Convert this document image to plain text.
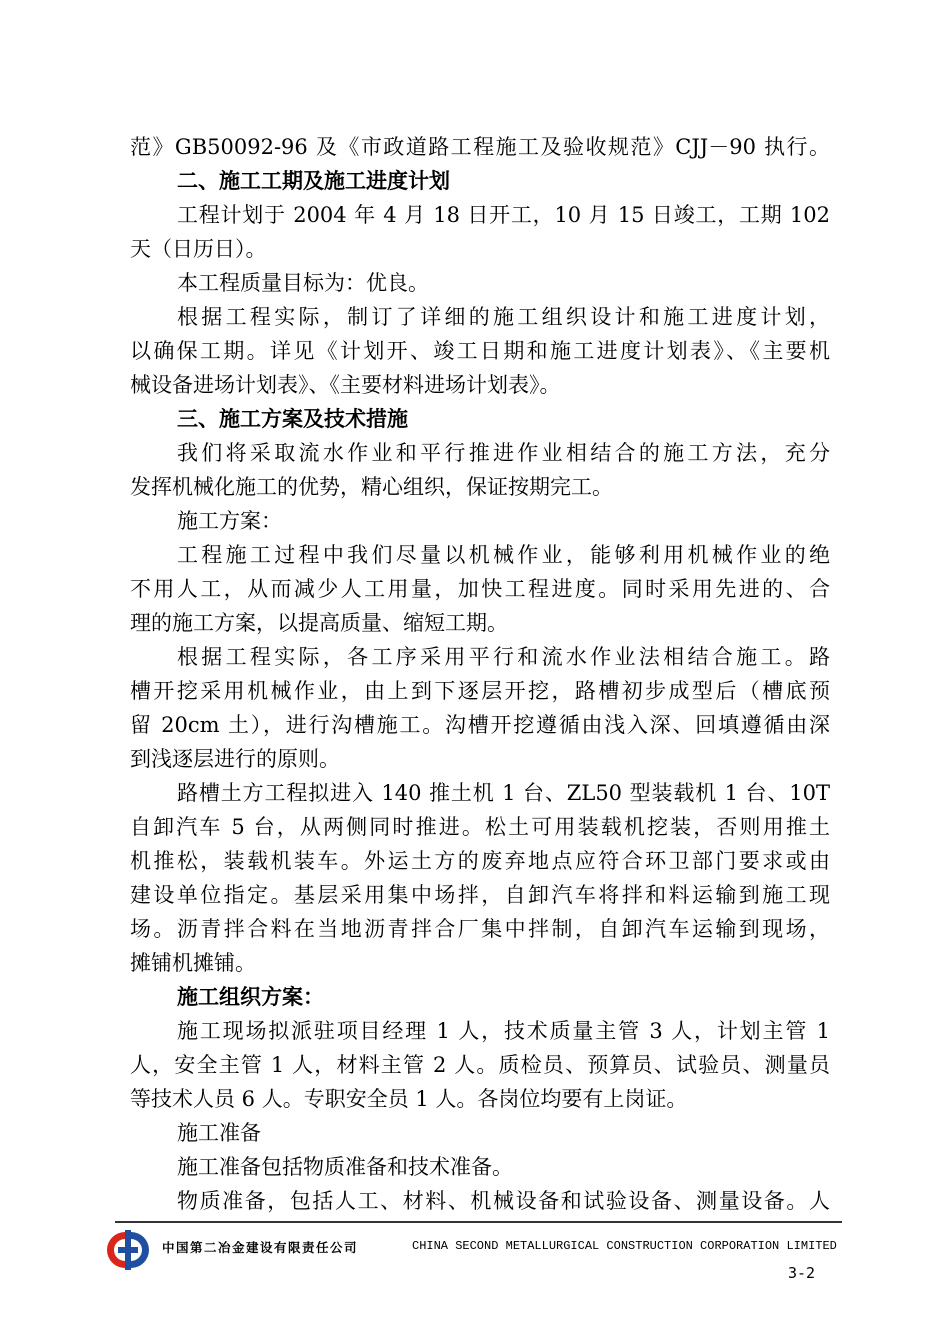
范》GB50092-96 及《市政道路工程施工及验收规范》CJJ－90 执行。
二、施工工期及施工进度计划
工程计划于 2004 年 4 月 18 日开工，10 月 15 日竣工，工期 102
天（日历日）。
本工程质量目标为：优良。
根据工程实际，制订了详细的施工组织设计和施工进度计划，
以确保工期。详见《计划开、竣工日期和施工进度计划表》、《主要机
械设备进场计划表》、《主要材料进场计划表》。
三、施工方案及技术措施
我们将采取流水作业和平行推进作业相结合的施工方法，充分
发挥机械化施工的优势，精心组织，保证按期完工。
施工方案：
工程施工过程中我们尽量以机械作业，能够利用机械作业的绝
不用人工，从而减少人工用量，加快工程进度。同时采用先进的、合
理的施工方案，以提高质量、缩短工期。
根据工程实际，各工序采用平行和流水作业法相结合施工。路
槽开挖采用机械作业，由上到下逐层开挖，路槽初步成型后（槽底预
留 20cm 土），进行沟槽施工。沟槽开挖遵循由浅入深、回填遵循由深
到浅逐层进行的原则。
路槽土方工程拟进入 140 推土机 1 台、ZL50 型装载机 1 台、10T
自卸汽车 5 台，从两侧同时推进。松土可用装载机挖装，否则用推土
机推松，装载机装车。外运土方的废弃地点应符合环卫部门要求或由
建设单位指定。基层采用集中场拌，自卸汽车将拌和料运输到施工现
场。沥青拌合料在当地沥青拌合厂集中拌制，自卸汽车运输到现场，
摊铺机摊铺。
施工组织方案：
施工现场拟派驻项目经理 1 人，技术质量主管 3 人，计划主管 1
人，安全主管 1 人，材料主管 2 人。质检员、预算员、试验员、测量员
等技术人员 6 人。专职安全员 1 人。各岗位均要有上岗证。
施工准备
施工准备包括物质准备和技术准备。
物质准备，包括人工、材料、机械设备和试验设备、测量设备。人
中国第二冶金建设有限责任公司	CHINA SECOND METALLURGICAL CONSTRUCTION CORPORATION LIMITED
3-2
